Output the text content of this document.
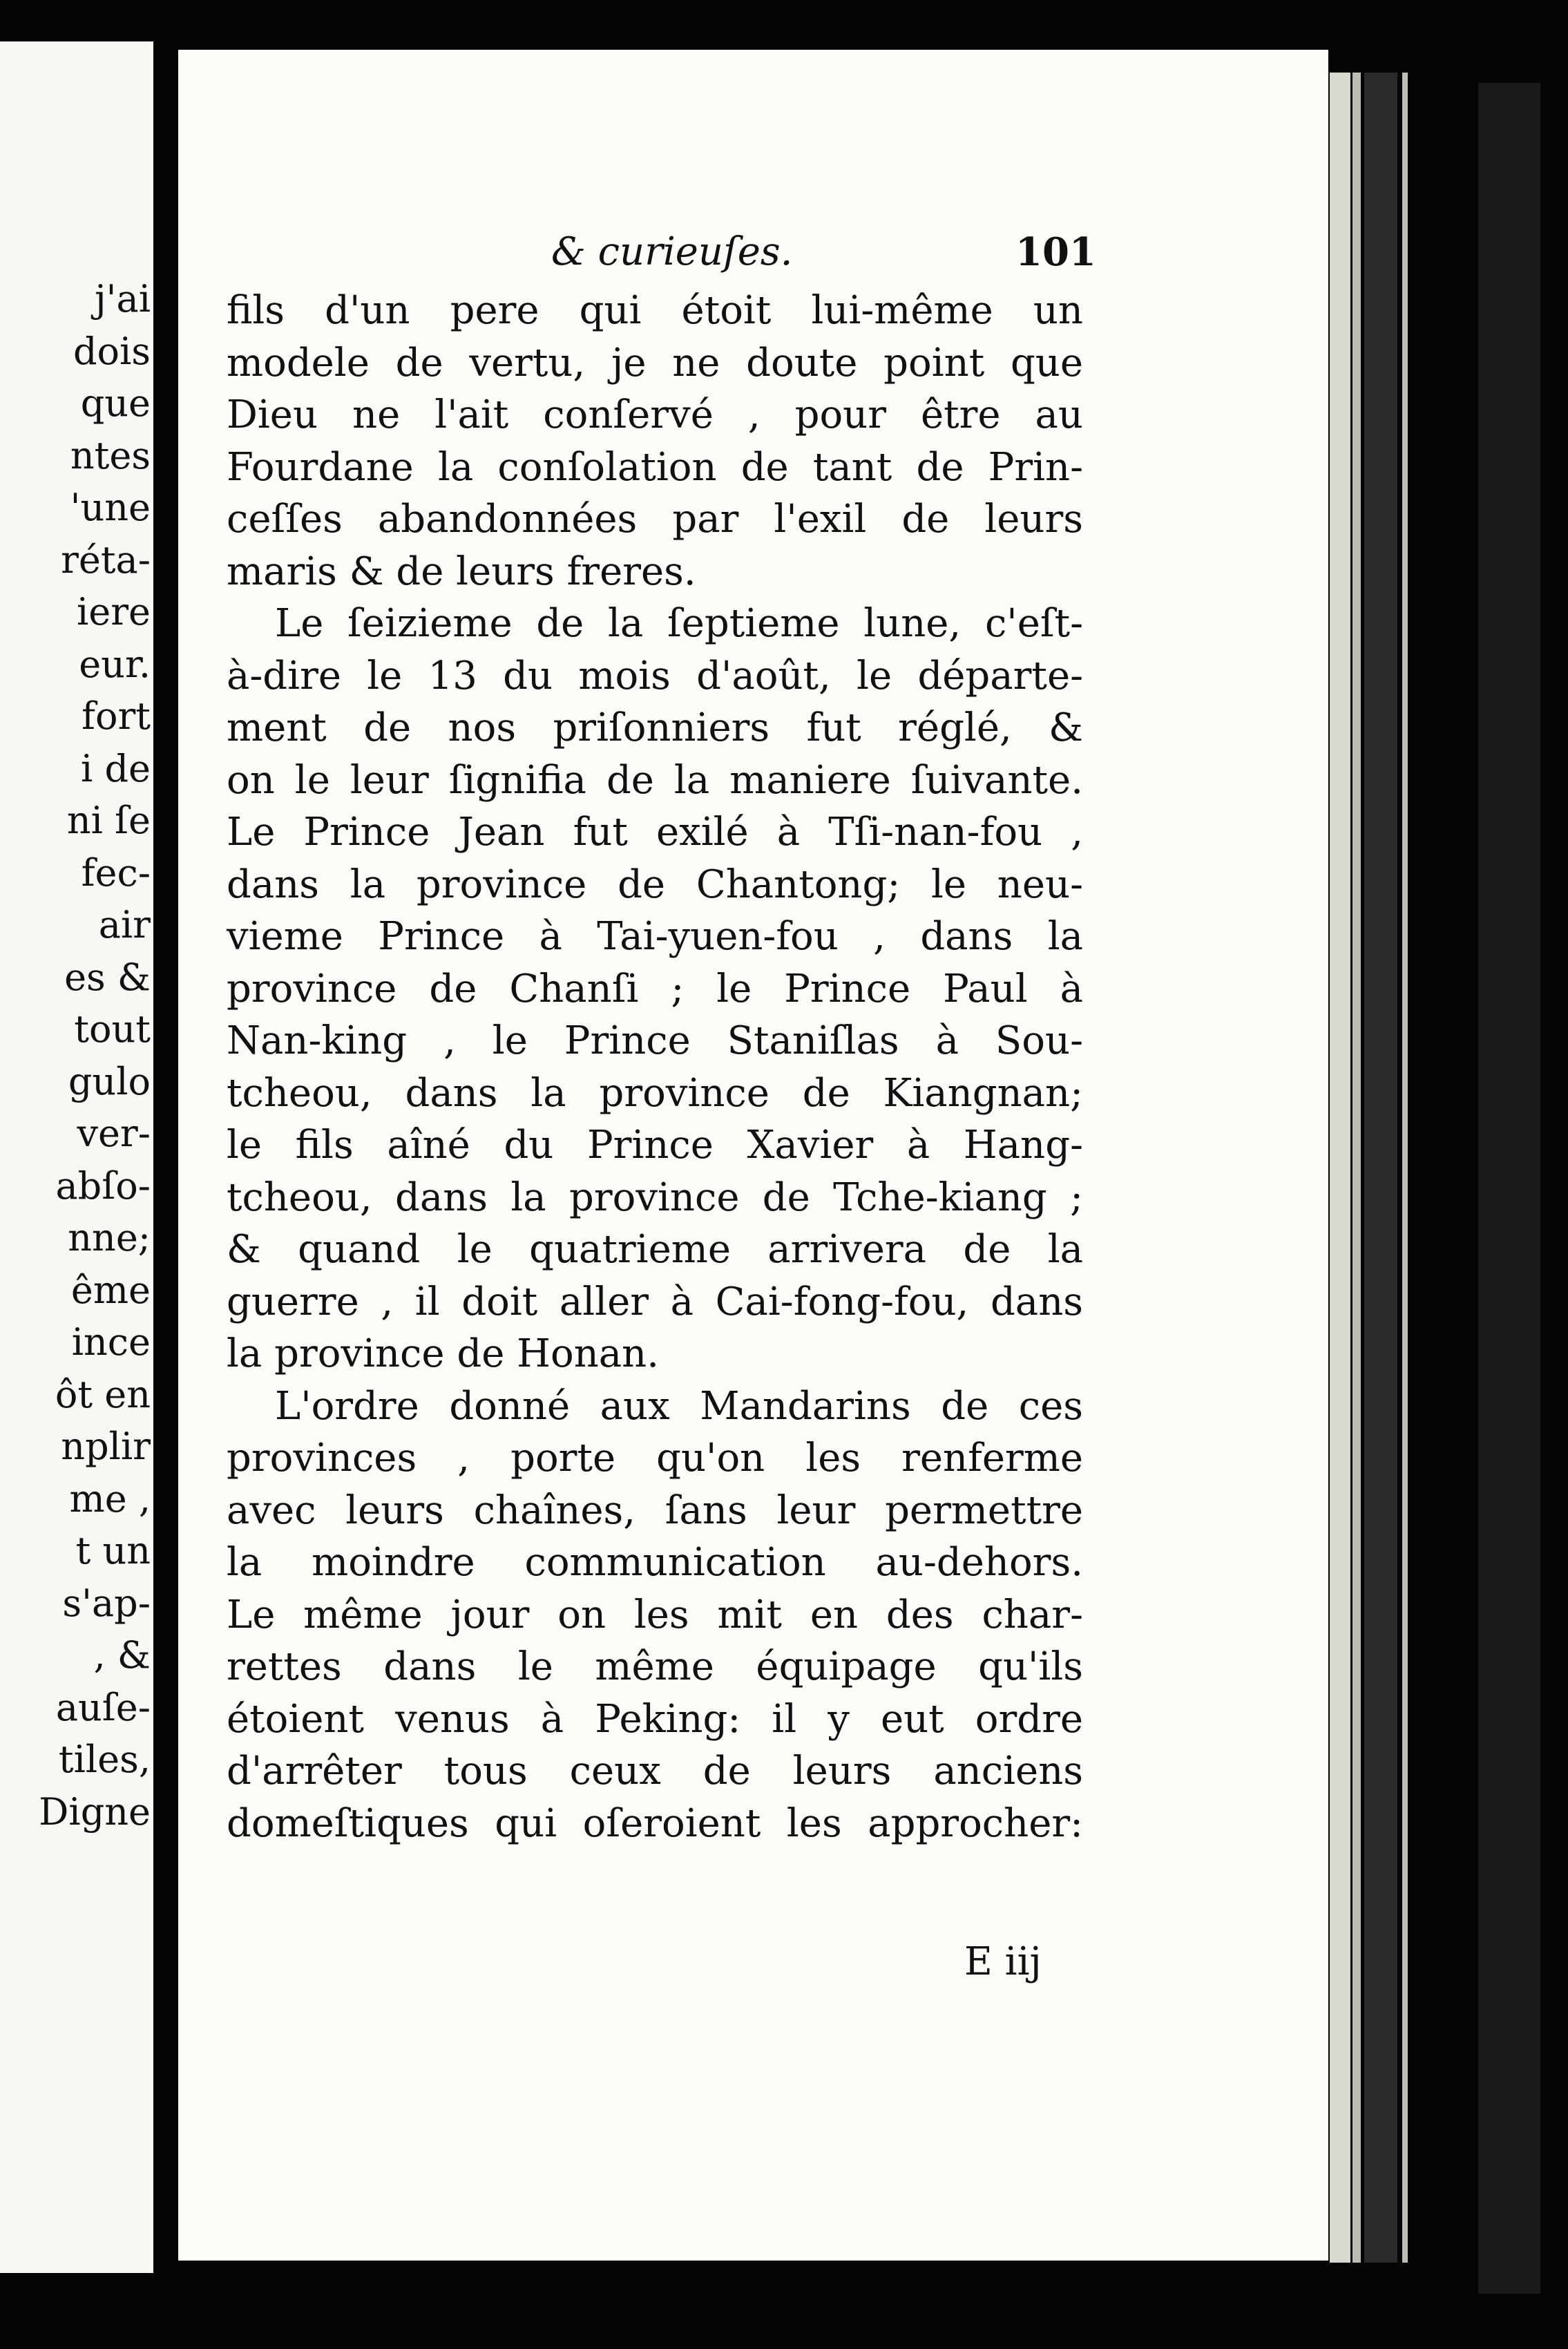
j'ai
dois
que
ntes
'une
réta-
iere
eur.
fort
i de
ni ſe
fec-
air
es &
tout
gulo
ver-
abſo-
nne;
ême
ince
ôt en
nplir
me ,
t un
s'ap-
, &
auſe-
tiles,
Digne
& curieuſes.	101
fils d'un pere qui étoit lui-même un
modele de vertu, je ne doute point que
Dieu ne l'ait conſervé , pour être au
Fourdane la conſolation de tant de Prin-
ceſſes abandonnées par l'exil de leurs
maris & de leurs freres.
Le ſeizieme de la ſeptieme lune, c'eſt-
à-dire le 13 du mois d'août, le départe-
ment de nos priſonniers fut réglé, &
on le leur ſignifia de la maniere ſuivante.
Le Prince Jean fut exilé à Tſi-nan-fou ,
dans la province de Chantong; le neu-
vieme Prince à Tai-yuen-fou , dans la
province de Chanſi ; le Prince Paul à
Nan-king , le Prince Staniſlas à Sou-
tcheou, dans la province de Kiangnan;
le fils aîné du Prince Xavier à Hang-
tcheou, dans la province de Tche-kiang ;
& quand le quatrieme arrivera de la
guerre , il doit aller à Cai-fong-fou, dans
la province de Honan.
L'ordre donné aux Mandarins de ces
provinces , porte qu'on les renferme
avec leurs chaînes, ſans leur permettre
la moindre communication au-dehors.
Le même jour on les mit en des char-
rettes dans le même équipage qu'ils
étoient venus à Peking: il y eut ordre
d'arrêter tous ceux de leurs anciens
domeſtiques qui oſeroient les approcher:
E iij
